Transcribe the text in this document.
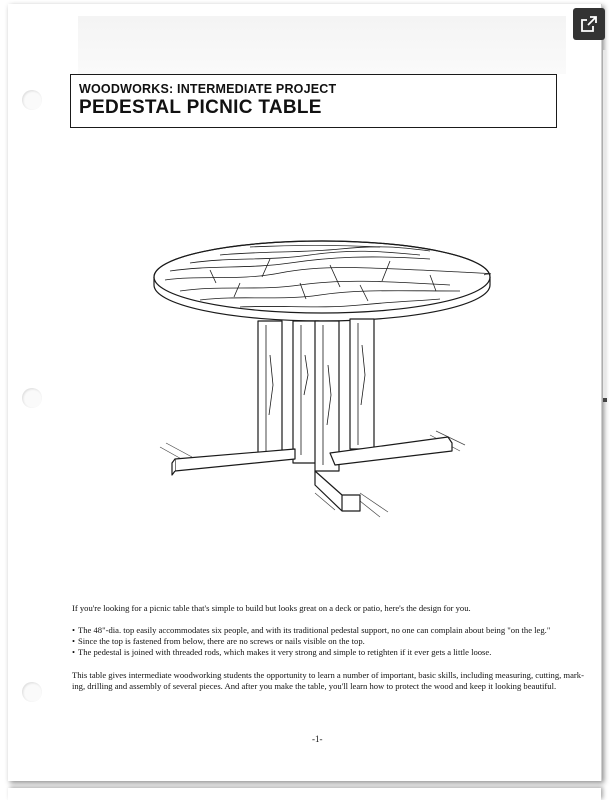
WOODWORKS: INTERMEDIATE PROJECT
PEDESTAL PICNIC TABLE
If you're looking for a picnic table that's simple to build but looks great on a deck or patio, here's the design for you.
• The 48"-dia. top easily accommodates six people, and with its traditional pedestal support, no one can complain about being "on the leg."
• Since the top is fastened from below, there are no screws or nails visible on the top.
• The pedestal is joined with threaded rods, which makes it very strong and simple to retighten if it ever gets a little loose.
This table gives intermediate woodworking students the opportunity to learn a number of important, basic skills, including measuring, cutting, mark-
ing, drilling and assembly of several pieces. And after you make the table, you'll learn how to protect the wood and keep it looking beautiful.
-1-
